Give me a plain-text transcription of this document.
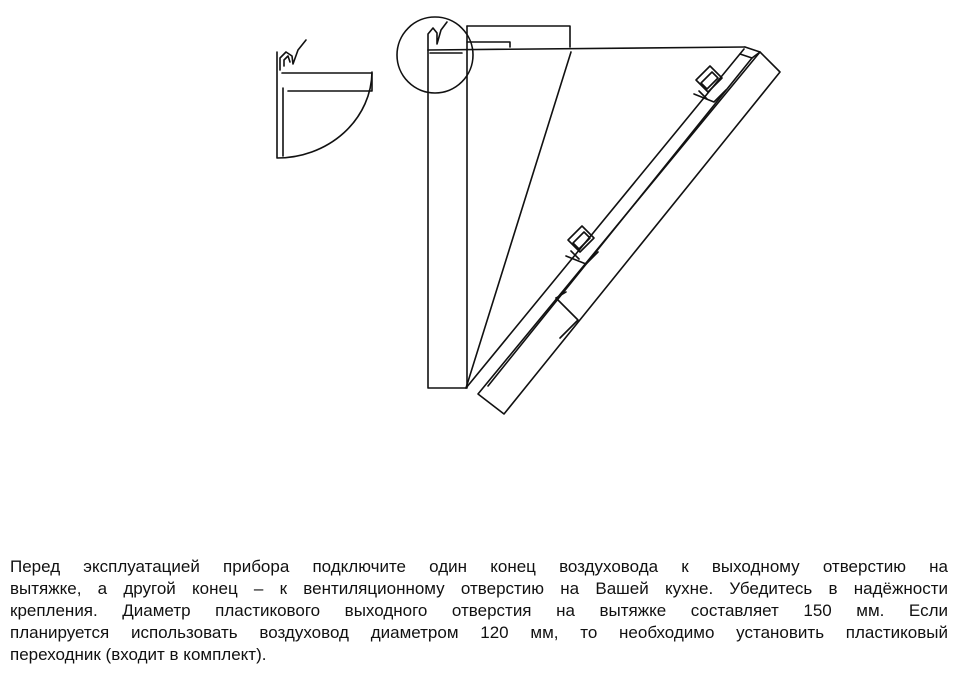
Перед эксплуатацией прибора подключите один конец воздуховода к выходному отверстию на
вытяжке, а другой конец – к вентиляционному отверстию на Вашей кухне. Убедитесь в надёжности
крепления. Диаметр пластикового выходного отверстия на вытяжке составляет 150 мм. Если
планируется использовать воздуховод диаметром 120 мм, то необходимо установить пластиковый
переходник (входит в комплект).
